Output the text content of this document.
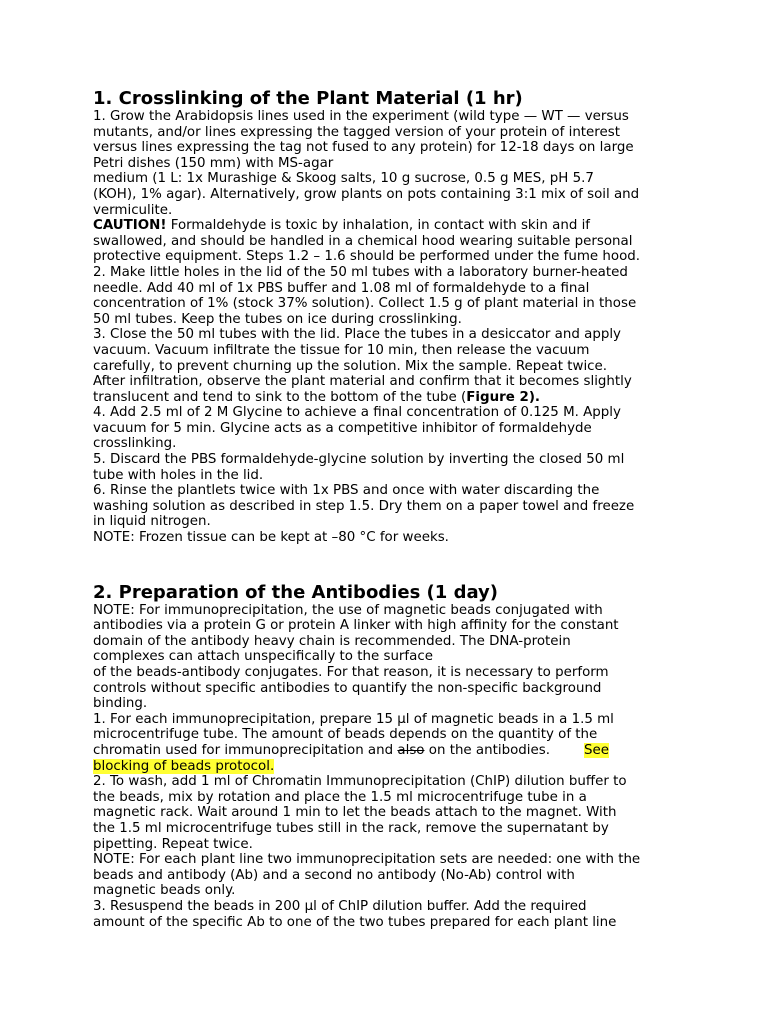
1. Crosslinking of the Plant Material (1 hr)
1. Grow the Arabidopsis lines used in the experiment (wild type — WT — versus
mutants, and/or lines expressing the tagged version of your protein of interest
versus lines expressing the tag not fused to any protein) for 12-18 days on large
Petri dishes (150 mm) with MS-agar
medium (1 L: 1x Murashige & Skoog salts, 10 g sucrose, 0.5 g MES, pH 5.7
(KOH), 1% agar). Alternatively, grow plants on pots containing 3:1 mix of soil and
vermiculite.
CAUTION! Formaldehyde is toxic by inhalation, in contact with skin and if
swallowed, and should be handled in a chemical hood wearing suitable personal
protective equipment. Steps 1.2 – 1.6 should be performed under the fume hood.
2. Make little holes in the lid of the 50 ml tubes with a laboratory burner-heated
needle. Add 40 ml of 1x PBS buffer and 1.08 ml of formaldehyde to a final
concentration of 1% (stock 37% solution). Collect 1.5 g of plant material in those
50 ml tubes. Keep the tubes on ice during crosslinking.
3. Close the 50 ml tubes with the lid. Place the tubes in a desiccator and apply
vacuum. Vacuum infiltrate the tissue for 10 min, then release the vacuum
carefully, to prevent churning up the solution. Mix the sample. Repeat twice.
After infiltration, observe the plant material and confirm that it becomes slightly
translucent and tend to sink to the bottom of the tube (Figure 2).
4. Add 2.5 ml of 2 M Glycine to achieve a final concentration of 0.125 M. Apply
vacuum for 5 min. Glycine acts as a competitive inhibitor of formaldehyde
crosslinking.
5. Discard the PBS formaldehyde-glycine solution by inverting the closed 50 ml
tube with holes in the lid.
6. Rinse the plantlets twice with 1x PBS and once with water discarding the
washing solution as described in step 1.5. Dry them on a paper towel and freeze
in liquid nitrogen.
NOTE: Frozen tissue can be kept at –80 °C for weeks.
2. Preparation of the Antibodies (1 day)
NOTE: For immunoprecipitation, the use of magnetic beads conjugated with
antibodies via a protein G or protein A linker with high affinity for the constant
domain of the antibody heavy chain is recommended. The DNA-protein
complexes can attach unspecifically to the surface
of the beads-antibody conjugates. For that reason, it is necessary to perform
controls without specific antibodies to quantify the non-specific background
binding.
1. For each immunoprecipitation, prepare 15 µl of magnetic beads in a 1.5 ml
microcentrifuge tube. The amount of beads depends on the quantity of the
chromatin used for immunoprecipitation and also on the antibodies.        See
blocking of beads protocol.
2. To wash, add 1 ml of Chromatin Immunoprecipitation (ChIP) dilution buffer to
the beads, mix by rotation and place the 1.5 ml microcentrifuge tube in a
magnetic rack. Wait around 1 min to let the beads attach to the magnet. With
the 1.5 ml microcentrifuge tubes still in the rack, remove the supernatant by
pipetting. Repeat twice.
NOTE: For each plant line two immunoprecipitation sets are needed: one with the
beads and antibody (Ab) and a second no antibody (No-Ab) control with
magnetic beads only.
3. Resuspend the beads in 200 µl of ChIP dilution buffer. Add the required
amount of the specific Ab to one of the two tubes prepared for each plant line
